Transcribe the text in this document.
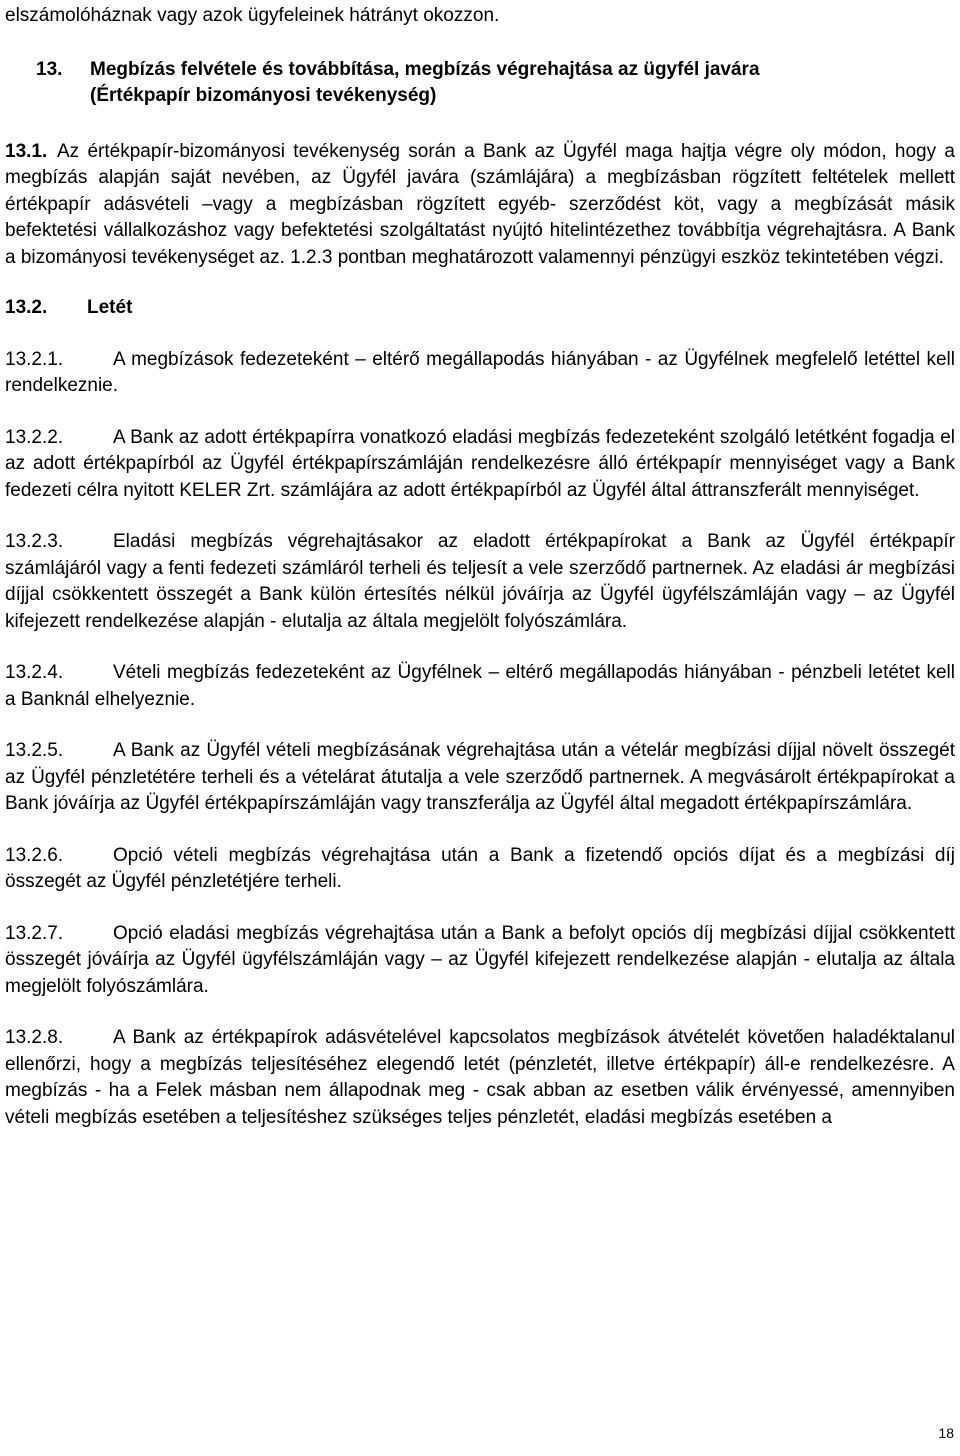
elszámolóháznak vagy azok ügyfeleinek hátrányt okozzon.

13. Megbízás felvétele és továbbítása, megbízás végrehajtása az ügyfél javára
(Értékpapír bizományosi tevékenység)

13.1. Az értékpapír-bizományosi tevékenység során a Bank az Ügyfél maga hajtja végre oly módon, hogy a megbízás alapján saját nevében, az Ügyfél javára (számlájára) a megbízásban rögzített feltételek mellett értékpapír adásvételi –vagy a megbízásban rögzített egyéb- szerződést köt, vagy a megbízását másik befektetési vállalkozáshoz vagy befektetési szolgáltatást nyújtó hitelintézethez továbbítja végrehajtásra. A Bank a bizományosi tevékenységet az. 1.2.3 pontban meghatározott valamennyi pénzügyi eszköz tekintetében végzi.

13.2. Letét

13.2.1.	A megbízások fedezeteként – eltérő megállapodás hiányában - az Ügyfélnek megfelelő letéttel kell rendelkeznie.

13.2.2.	A Bank az adott értékpapírra vonatkozó eladási megbízás fedezeteként szolgáló letétként fogadja el az adott értékpapírból az Ügyfél értékpapírszámláján rendelkezésre álló értékpapír mennyiséget vagy a Bank fedezeti célra nyitott KELER Zrt. számlájára az adott értékpapírból az Ügyfél által áttranszferált mennyiséget.

13.2.3.	Eladási megbízás végrehajtásakor az eladott értékpapírokat a Bank az Ügyfél értékpapír számlájáról vagy a fenti fedezeti számláról terheli és teljesít a vele szerződő partnernek. Az eladási ár megbízási díjjal csökkentett összegét a Bank külön értesítés nélkül jóváírja az Ügyfél ügyfélszámláján vagy – az Ügyfél kifejezett rendelkezése alapján - elutalja az általa megjelölt folyószámlára.

13.2.4.	Vételi megbízás fedezeteként az Ügyfélnek – eltérő megállapodás hiányában - pénzbeli letétet kell a Banknál elhelyeznie.

13.2.5.	A Bank az Ügyfél vételi megbízásának végrehajtása után a vételár megbízási díjjal növelt összegét az Ügyfél pénzletétére terheli és a vételárat átutalja a vele szerződő partnernek. A megvásárolt értékpapírokat a Bank jóváírja az Ügyfél értékpapírszámláján vagy transzferálja az Ügyfél által megadott értékpapírszámlára.

13.2.6.	Opció vételi megbízás végrehajtása után a Bank a fizetendő opciós díjat és a megbízási díj összegét az Ügyfél pénzletétjére terheli.

13.2.7.	Opció eladási megbízás végrehajtása után a Bank a befolyt opciós díj megbízási díjjal csökkentett összegét jóváírja az Ügyfél ügyfélszámláján vagy – az Ügyfél kifejezett rendelkezése alapján - elutalja az általa megjelölt folyószámlára.

13.2.8.	A Bank az értékpapírok adásvételével kapcsolatos megbízások átvételét követően haladéktalanul ellenőrzi, hogy a megbízás teljesítéséhez elegendő letét (pénzletét, illetve értékpapír) áll-e rendelkezésre. A megbízás - ha a Felek másban nem állapodnak meg - csak abban az esetben válik érvényessé, amennyiben vételi megbízás esetében a teljesítéshez szükséges teljes pénzletét, eladási megbízás esetében a

18
